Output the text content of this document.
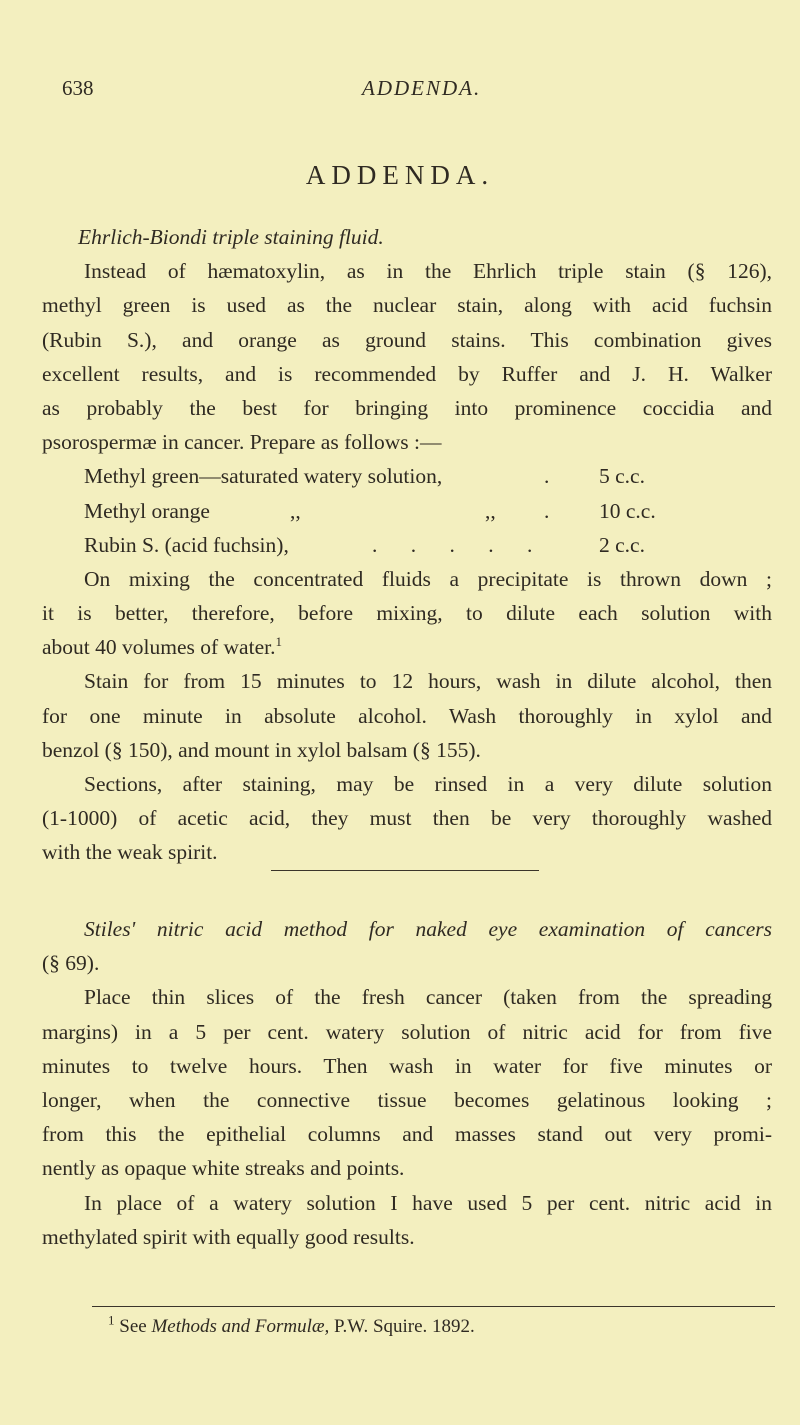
638	ADDENDA.
ADDENDA.
Ehrlich-Biondi triple staining fluid.
Instead of hæmatoxylin, as in the Ehrlich triple stain (§ 126),
methyl green is used as the nuclear stain, along with acid fuchsin
(Rubin S.), and orange as ground stains. This combination gives
excellent results, and is recommended by Ruffer and J. H. Walker
as probably the best for bringing into prominence coccidia and
psorospermæ in cancer. Prepare as follows :—
Methyl green—saturated watery solution,	. 5 c.c.
Methyl orange	,,	,, . 10 c.c.
Rubin S. (acid fuchsin),	. . . . . 2 c.c.
On mixing the concentrated fluids a precipitate is thrown down ;
it is better, therefore, before mixing, to dilute each solution with
about 40 volumes of water.$^1$
Stain for from 15 minutes to 12 hours, wash in dilute alcohol, then
for one minute in absolute alcohol. Wash thoroughly in xylol and
benzol (§ 150), and mount in xylol balsam (§ 155).
Sections, after staining, may be rinsed in a very dilute solution
(1-1000) of acetic acid, they must then be very thoroughly washed
with the weak spirit.
Stiles' nitric acid method for naked eye examination of cancers
(§ 69).
Place thin slices of the fresh cancer (taken from the spreading
margins) in a 5 per cent. watery solution of nitric acid for from five
minutes to twelve hours. Then wash in water for five minutes or
longer, when the connective tissue becomes gelatinous looking ;
from this the epithelial columns and masses stand out very promi-
nently as opaque white streaks and points.
In place of a watery solution I have used 5 per cent. nitric acid in
methylated spirit with equally good results.
$^1$ See Methods and Formulæ, P.W. Squire. 1892.
